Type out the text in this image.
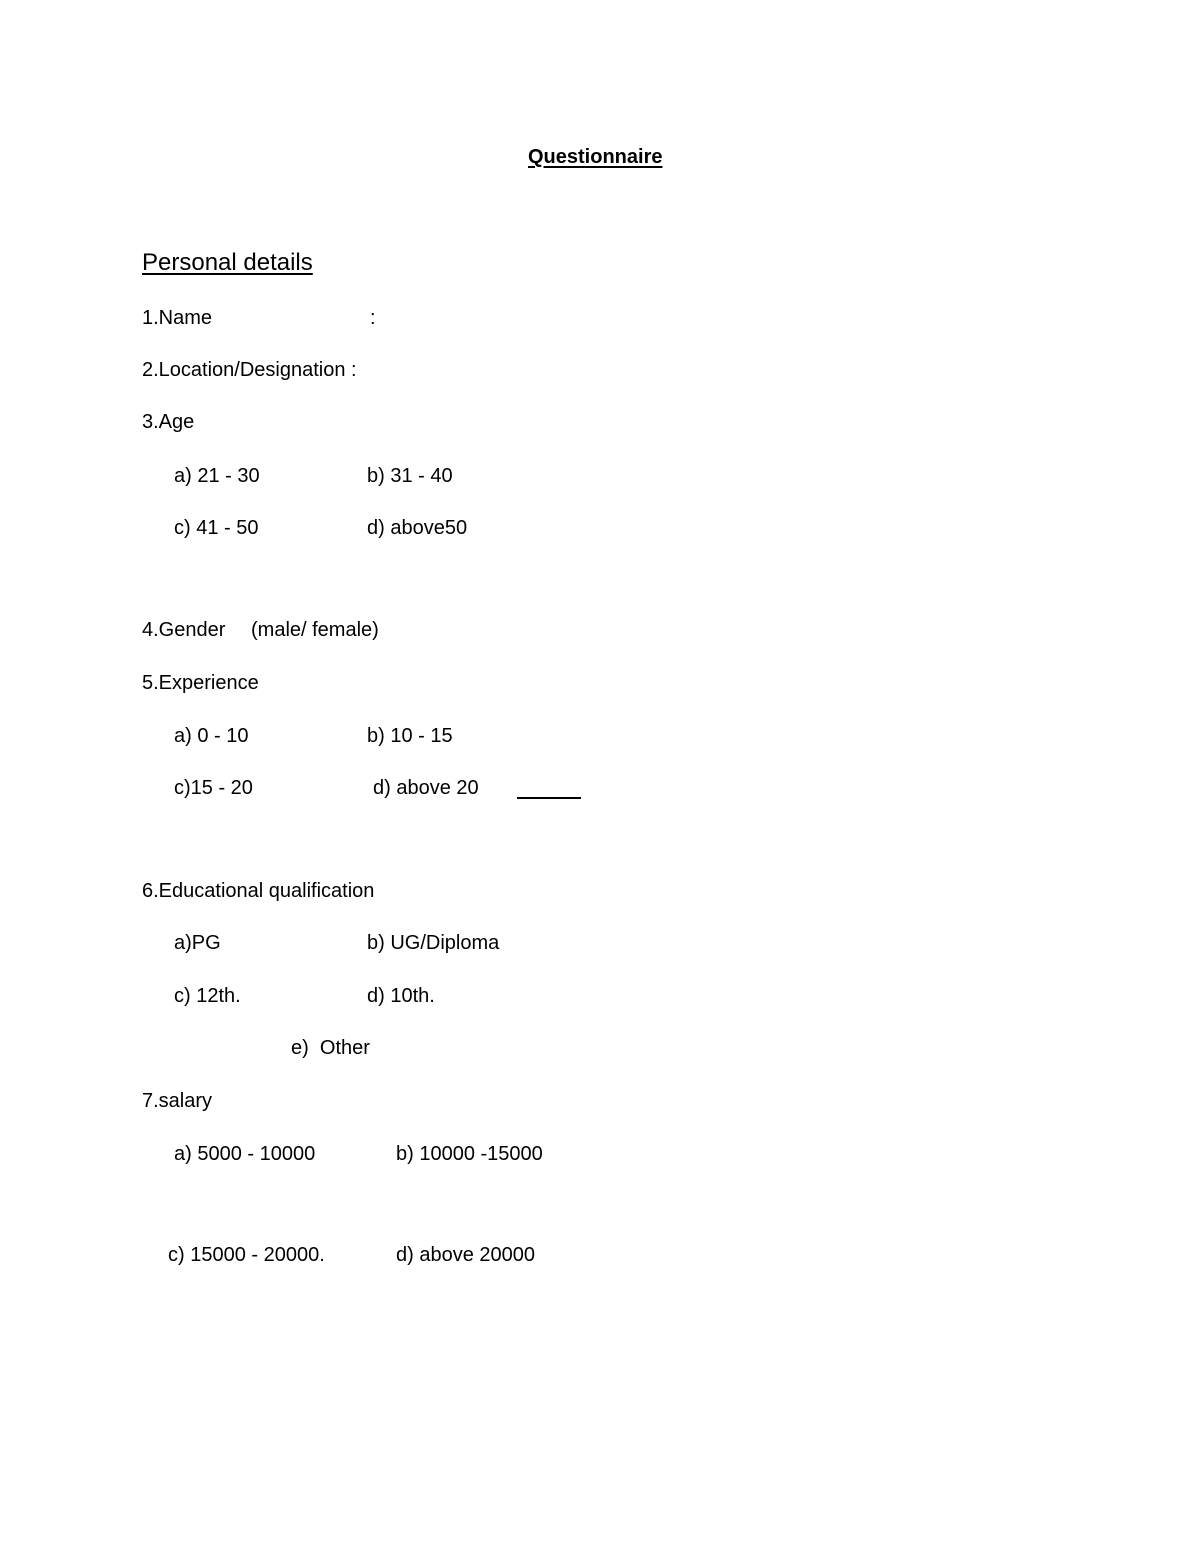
Questionnaire
Personal details
1.Name	:
2.Location/Designation :
3.Age
a) 21 - 30	b) 31 - 40
c) 41 - 50	d) above50
4.Gender (male/ female)
5.Experience
a) 0 - 10	b) 10 - 15
c)15 - 20	d) above 20
6.Educational qualification
a)PG	b) UG/Diploma
c) 12th.	d) 10th.
e)  Other
7.salary
a) 5000 - 10000	b) 10000 -15000
c) 15000 - 20000.	d) above 20000
